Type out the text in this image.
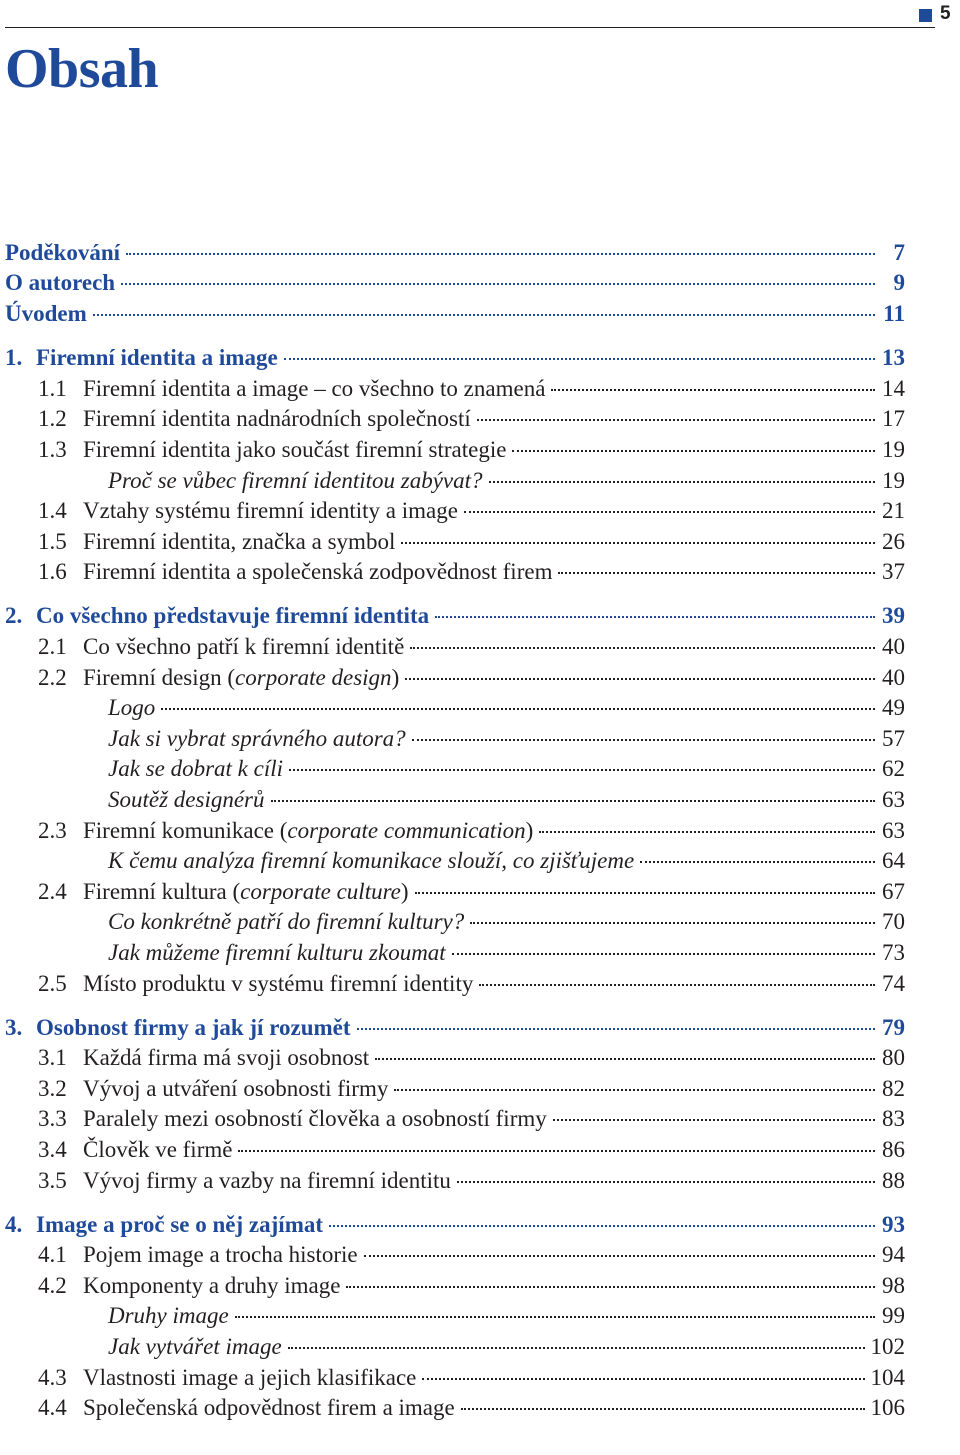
5
Obsah
Poděkování	7
O autorech	9
Úvodem	11
1. Firemní identita a image	13
1.1 Firemní identita a image – co všechno to znamená	14
1.2 Firemní identita nadnárodních společností	17
1.3 Firemní identita jako součást firemní strategie	19
Proč se vůbec firemní identitou zabývat?	19
1.4 Vztahy systému firemní identity a image	21
1.5 Firemní identita, značka a symbol	26
1.6 Firemní identita a společenská zodpovědnost firem	37
2. Co všechno představuje firemní identita	39
2.1 Co všechno patří k firemní identitě	40
2.2 Firemní design (corporate design)	40
Logo	49
Jak si vybrat správného autora?	57
Jak se dobrat k cíli	62
Soutěž designérů	63
2.3 Firemní komunikace (corporate communication)	63
K čemu analýza firemní komunikace slouží, co zjišťujeme	64
2.4 Firemní kultura (corporate culture)	67
Co konkrétně patří do firemní kultury?	70
Jak můžeme firemní kulturu zkoumat	73
2.5 Místo produktu v systému firemní identity	74
3. Osobnost firmy a jak jí rozumět	79
3.1 Každá firma má svoji osobnost	80
3.2 Vývoj a utváření osobnosti firmy	82
3.3 Paralely mezi osobností člověka a osobností firmy	83
3.4 Člověk ve firmě	86
3.5 Vývoj firmy a vazby na firemní identitu	88
4. Image a proč se o něj zajímat	93
4.1 Pojem image a trocha historie	94
4.2 Komponenty a druhy image	98
Druhy image	99
Jak vytvářet image	102
4.3 Vlastnosti image a jejich klasifikace	104
4.4 Společenská odpovědnost firem a image	106
